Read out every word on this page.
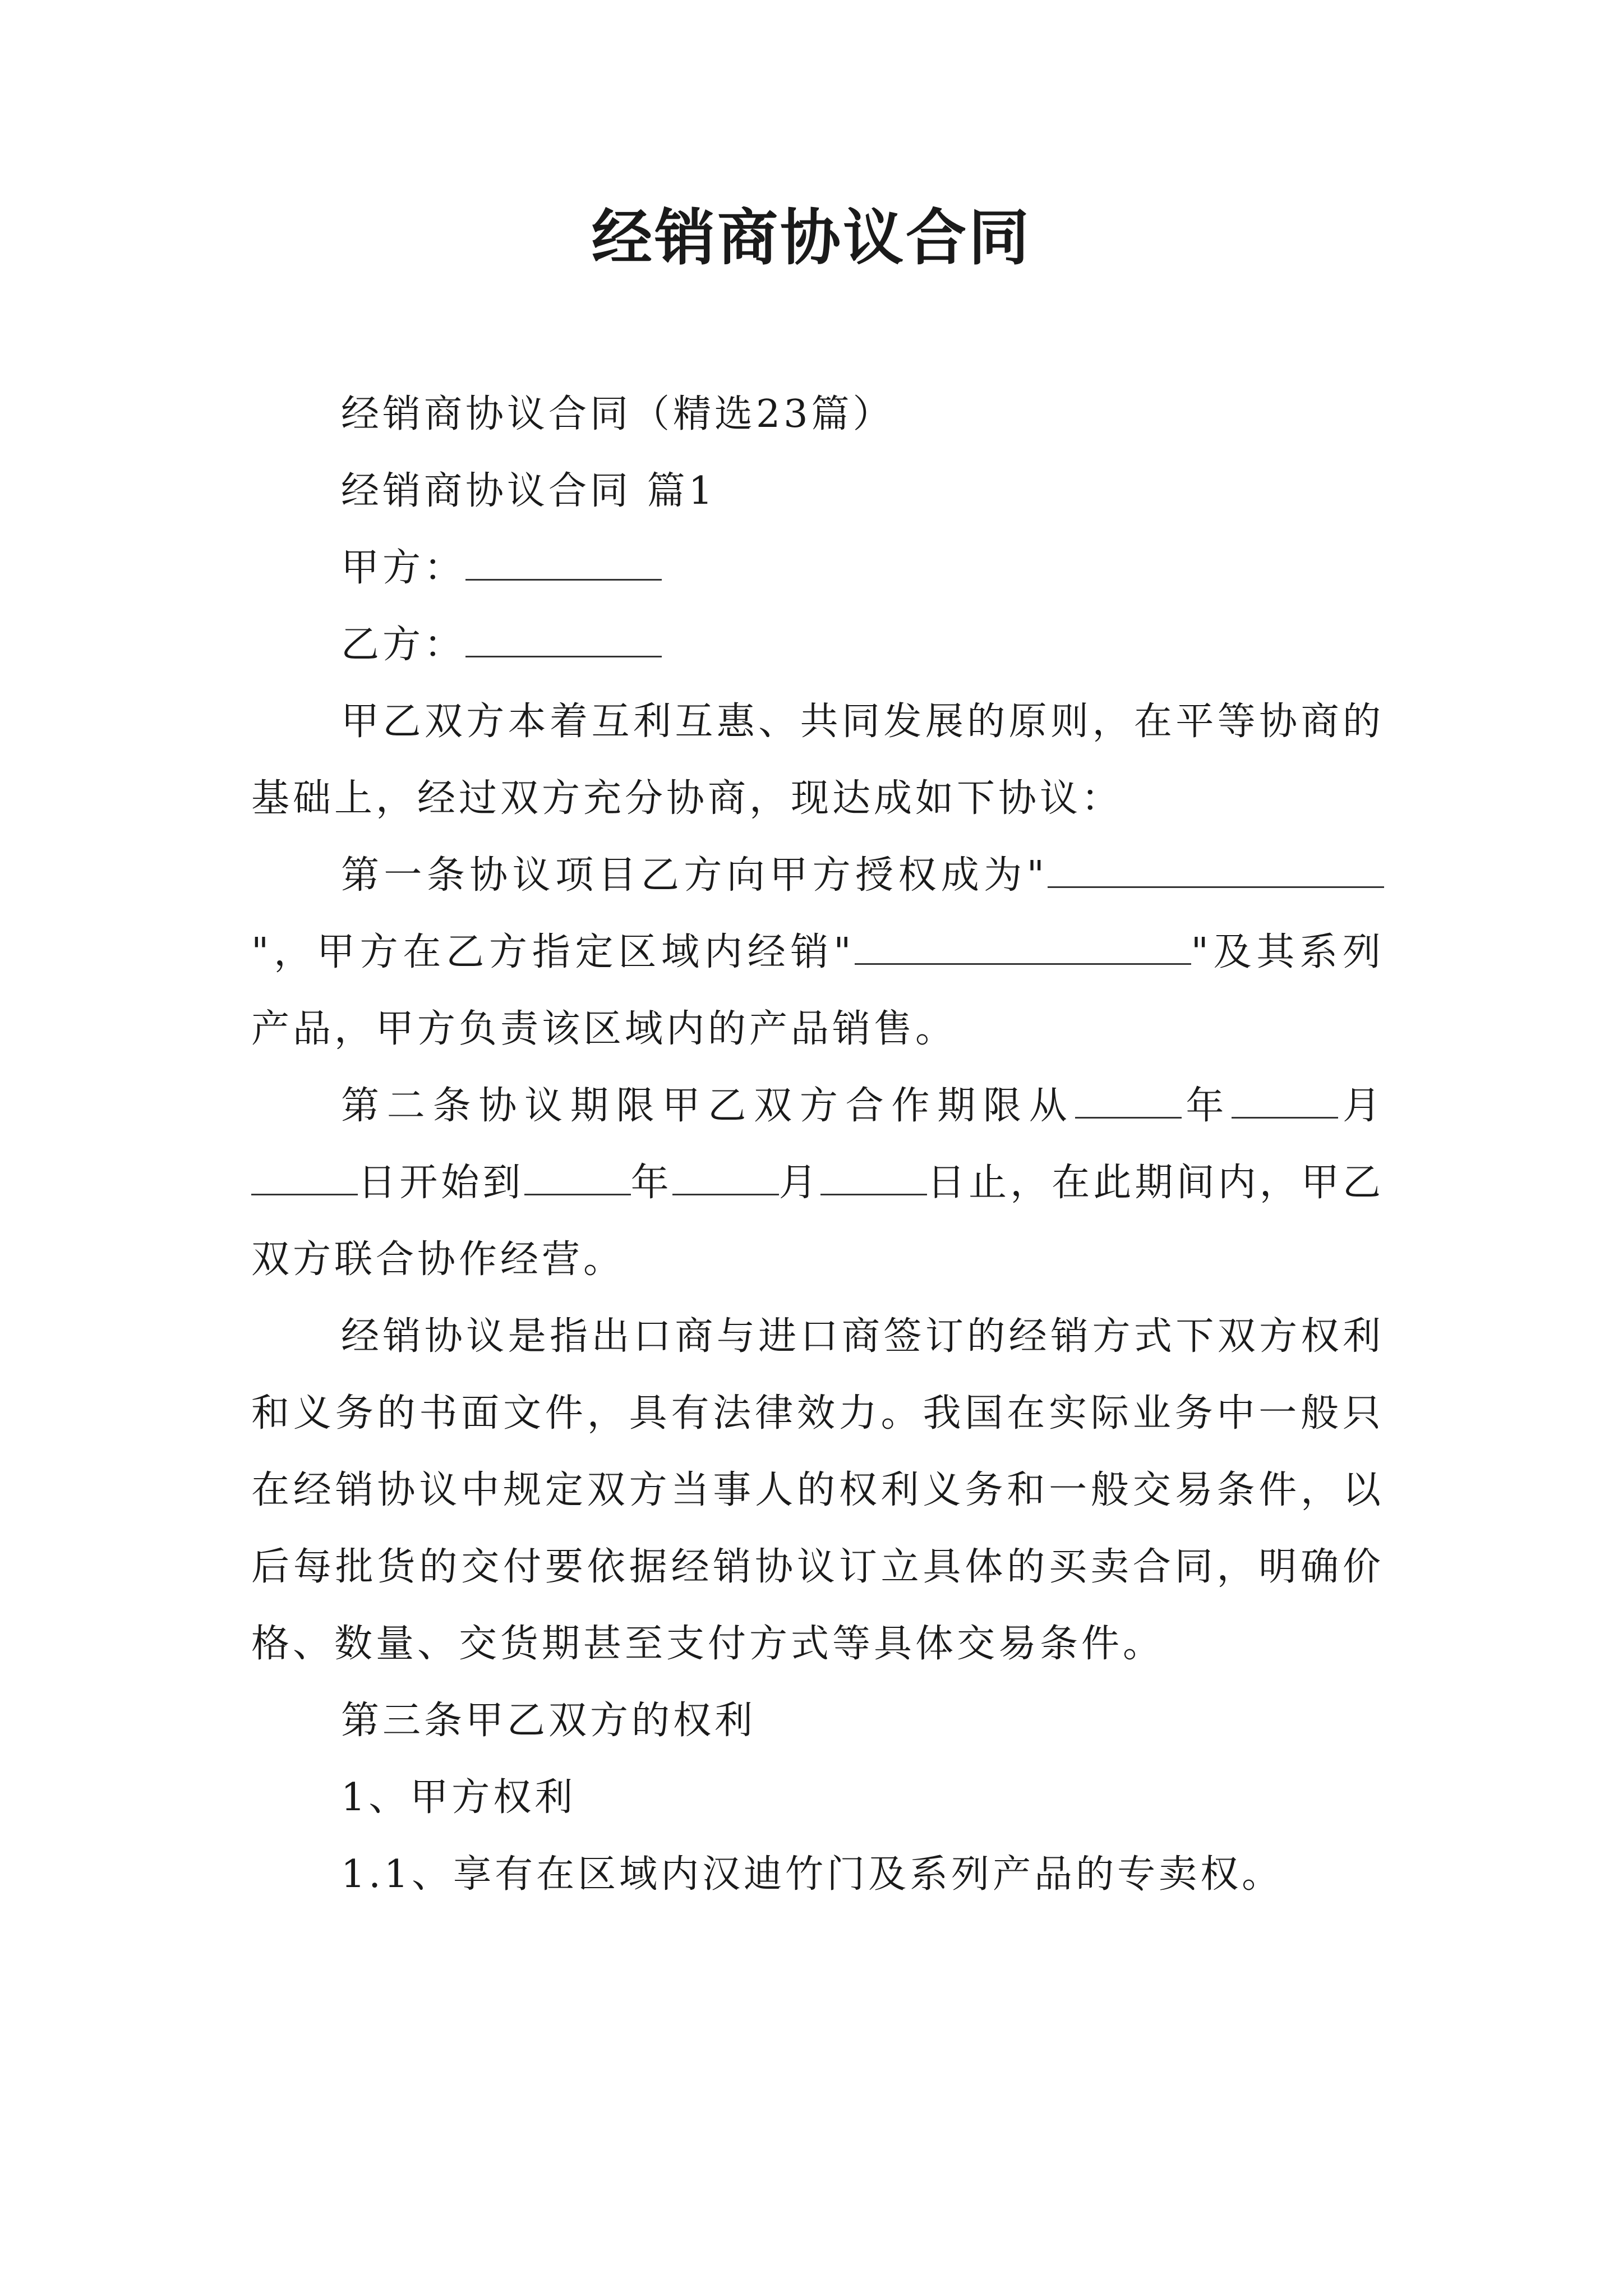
经销商协议合同

经销商协议合同（精选23篇）

经销商协议合同 篇1

甲方：

乙方：

甲乙双方本着互利互惠、共同发展的原则，在平等协商的基础上，经过双方充分协商，现达成如下协议：

第一条协议项目乙方向甲方授权成为""，甲方在乙方指定区域内经销"	"及其系列产品，甲方负责该区域内的产品销售。

第二条协议期限甲乙双方合作期限从	年	月日开始到	年	月	日止，在此期间内，甲乙双方联合协作经营。

经销协议是指出口商与进口商签订的经销方式下双方权利和义务的书面文件，具有法律效力。我国在实际业务中一般只在经销协议中规定双方当事人的权利义务和一般交易条件，以后每批货的交付要依据经销协议订立具体的买卖合同，明确价格、数量、交货期甚至支付方式等具体交易条件。

第三条甲乙双方的权利

1、甲方权利

1.1、享有在区域内汉迪竹门及系列产品的专卖权。
